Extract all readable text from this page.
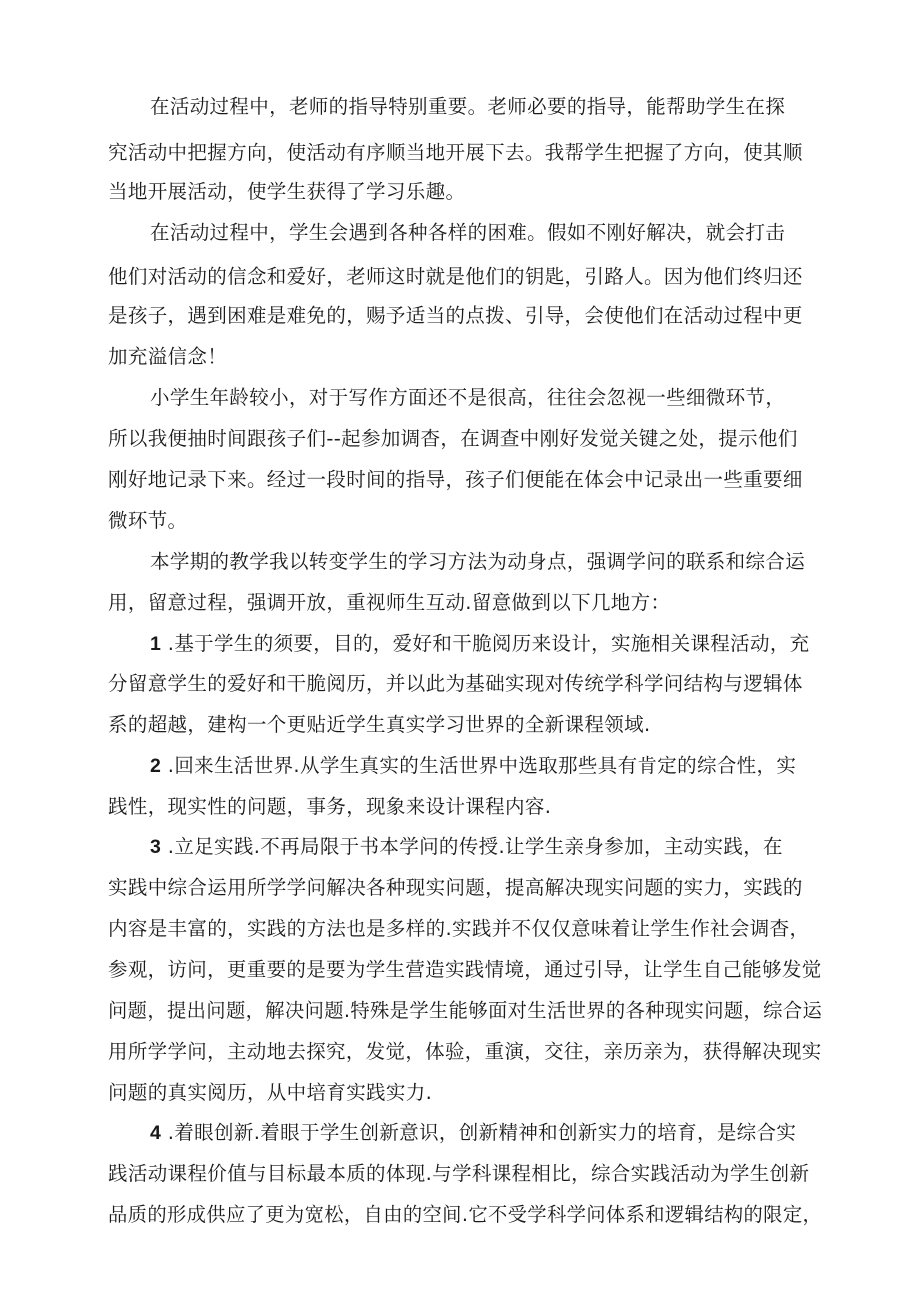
在活动过程中，老师的指导特别重要。老师必要的指导，能帮助学生在探
究活动中把握方向，使活动有序顺当地开展下去。我帮学生把握了方向，使其顺
当地开展活动，使学生获得了学习乐趣。
在活动过程中，学生会遇到各种各样的困难。假如不刚好解决，就会打击
他们对活动的信念和爱好，老师这时就是他们的钥匙，引路人。因为他们终归还
是孩子，遇到困难是难免的，赐予适当的点拨、引导，会使他们在活动过程中更
加充溢信念！
小学生年龄较小，对于写作方面还不是很高，往往会忽视一些细微环节，
所以我便抽时间跟孩子们--起参加调杳，在调查中刚好发觉关键之处，提示他们
刚好地记录下来。经过一段时间的指导，孩子们便能在体会中记录出一些重要细
微环节。
本学期的教学我以转变学生的学习方法为动身点，强调学问的联系和综合运
用，留意过程，强调开放，重视师生互动.留意做到以下几地方：
1 .基于学生的须要，目的，爱好和干脆阅历来设计，实施相关课程活动，充
分留意学生的爱好和干脆阅历，并以此为基础实现对传统学科学问结构与逻辑体
系的超越，建构一个更贴近学生真实学习世界的全新课程领域.
2 .回来生活世界.从学生真实的生活世界中选取那些具有肯定的综合性，实
践性，现实性的问题，事务，现象来设计课程内容.
3 .立足实践.不再局限于书本学问的传授.让学生亲身参加，主动实践，在
实践中综合运用所学学问解决各种现实问题，提高解决现实问题的实力，实践的
内容是丰富的，实践的方法也是多样的.实践并不仅仅意味着让学生作社会调杳，
参观，访问，更重要的是要为学生营造实践情境，通过引导，让学生自己能够发觉
问题，提出问题，解决问题.特殊是学生能够面对生活世界的各种现实问题，综合运
用所学学问，主动地去探究，发觉，体验，重演，交往，亲历亲为，获得解决现实
问题的真实阅历，从中培育实践实力.
4 .着眼创新.着眼于学生创新意识，创新精神和创新实力的培育，是综合实
践活动课程价值与目标最本质的体现.与学科课程相比，综合实践活动为学生创新
品质的形成供应了更为宽松，自由的空间.它不受学科学问体系和逻辑结构的限定，
